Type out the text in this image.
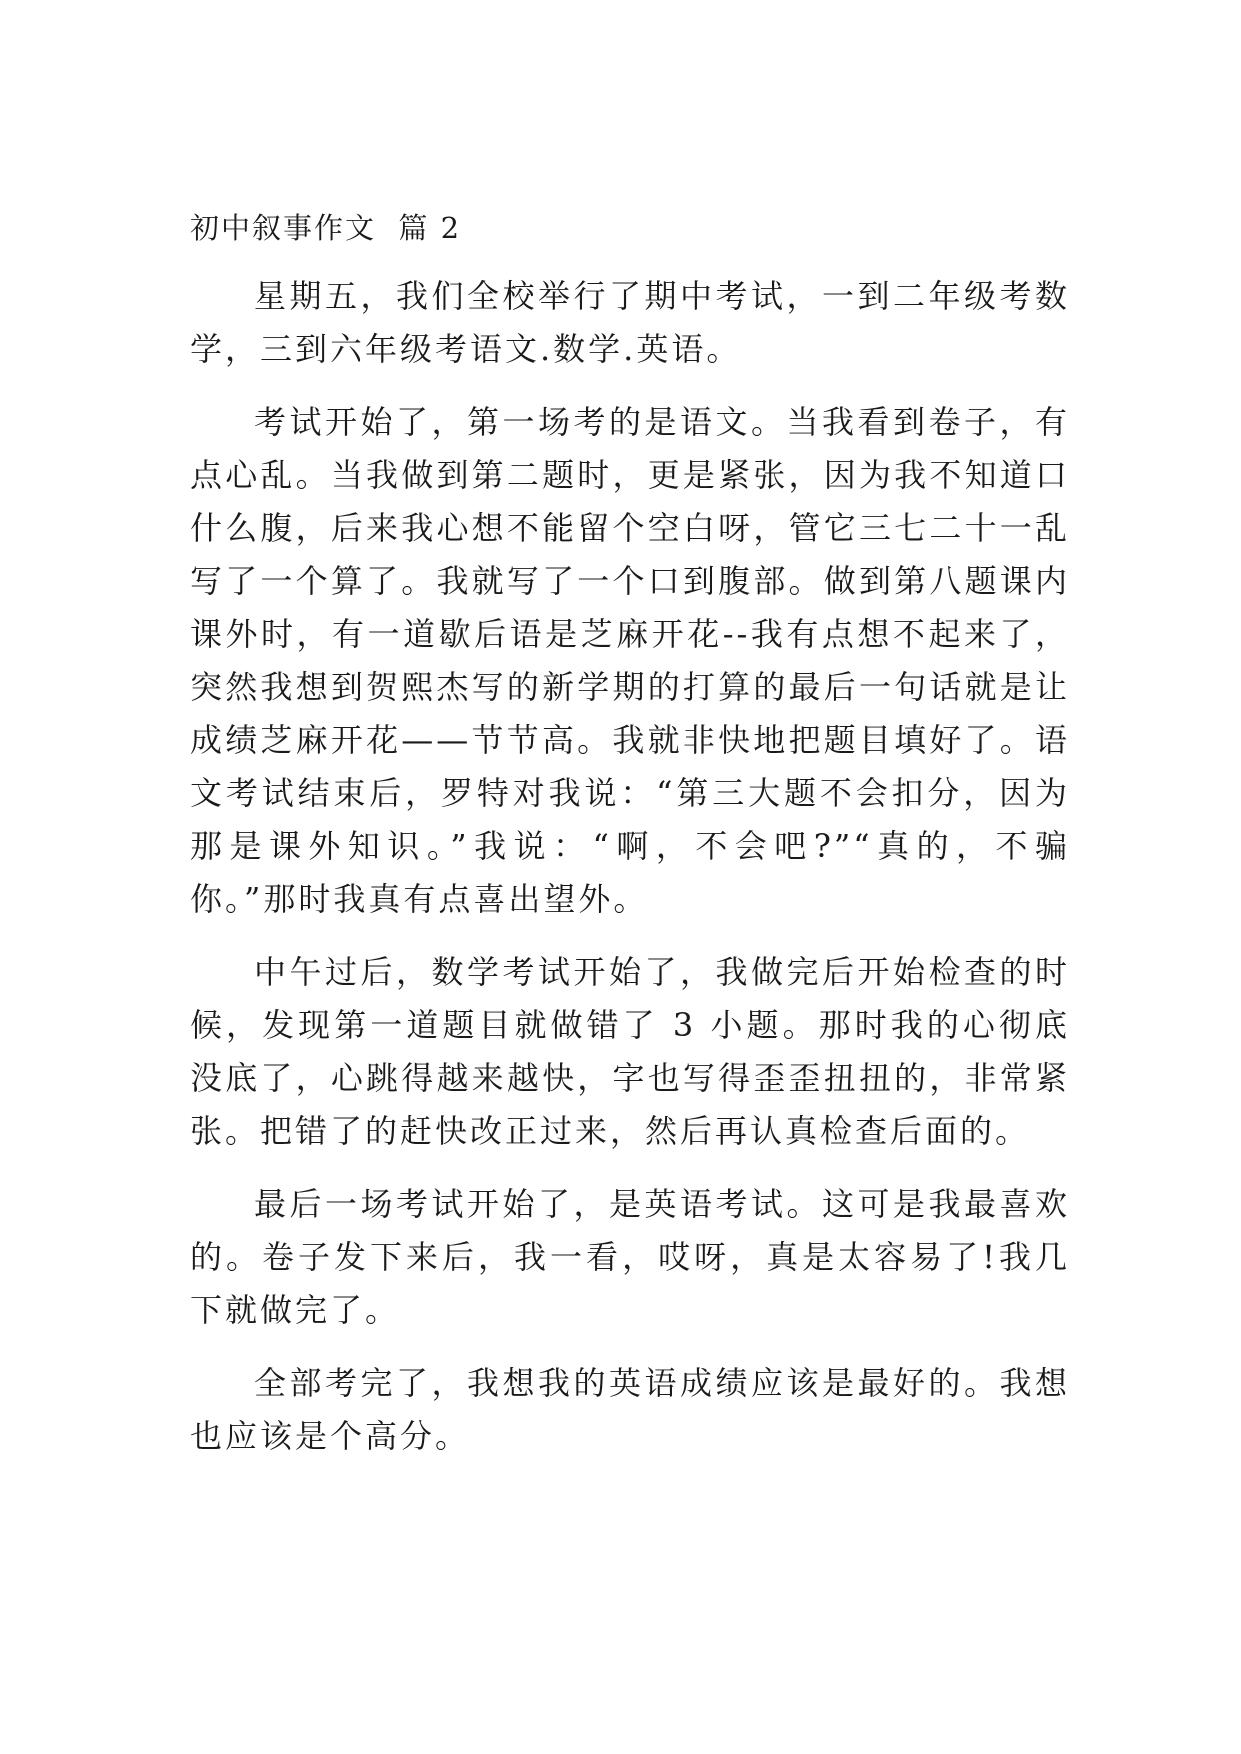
初中叙事作文  篇 2

星期五，我们全校举行了期中考试，一到二年级考数学，三到六年级考语文.数学.英语。

考试开始了，第一场考的是语文。当我看到卷子，有点心乱。当我做到第二题时，更是紧张，因为我不知道口什么腹，后来我心想不能留个空白呀，管它三七二十一乱写了一个算了。我就写了一个口到腹部。做到第八题课内课外时，有一道歇后语是芝麻开花--我有点想不起来了，突然我想到贺熙杰写的新学期的打算的最后一句话就是让成绩芝麻开花——节节高。我就非快地把题目填好了。语文考试结束后，罗特对我说：“第三大题不会扣分，因为那是课外知识。”我说：“啊，不会吧?”“真的，不骗你。”那时我真有点喜出望外。

中午过后，数学考试开始了，我做完后开始检查的时候，发现第一道题目就做错了 3 小题。那时我的心彻底没底了，心跳得越来越快，字也写得歪歪扭扭的，非常紧张。把错了的赶快改正过来，然后再认真检查后面的。

最后一场考试开始了，是英语考试。这可是我最喜欢的。卷子发下来后，我一看，哎呀，真是太容易了!我几下就做完了。

全部考完了，我想我的英语成绩应该是最好的。我想也应该是个高分。
